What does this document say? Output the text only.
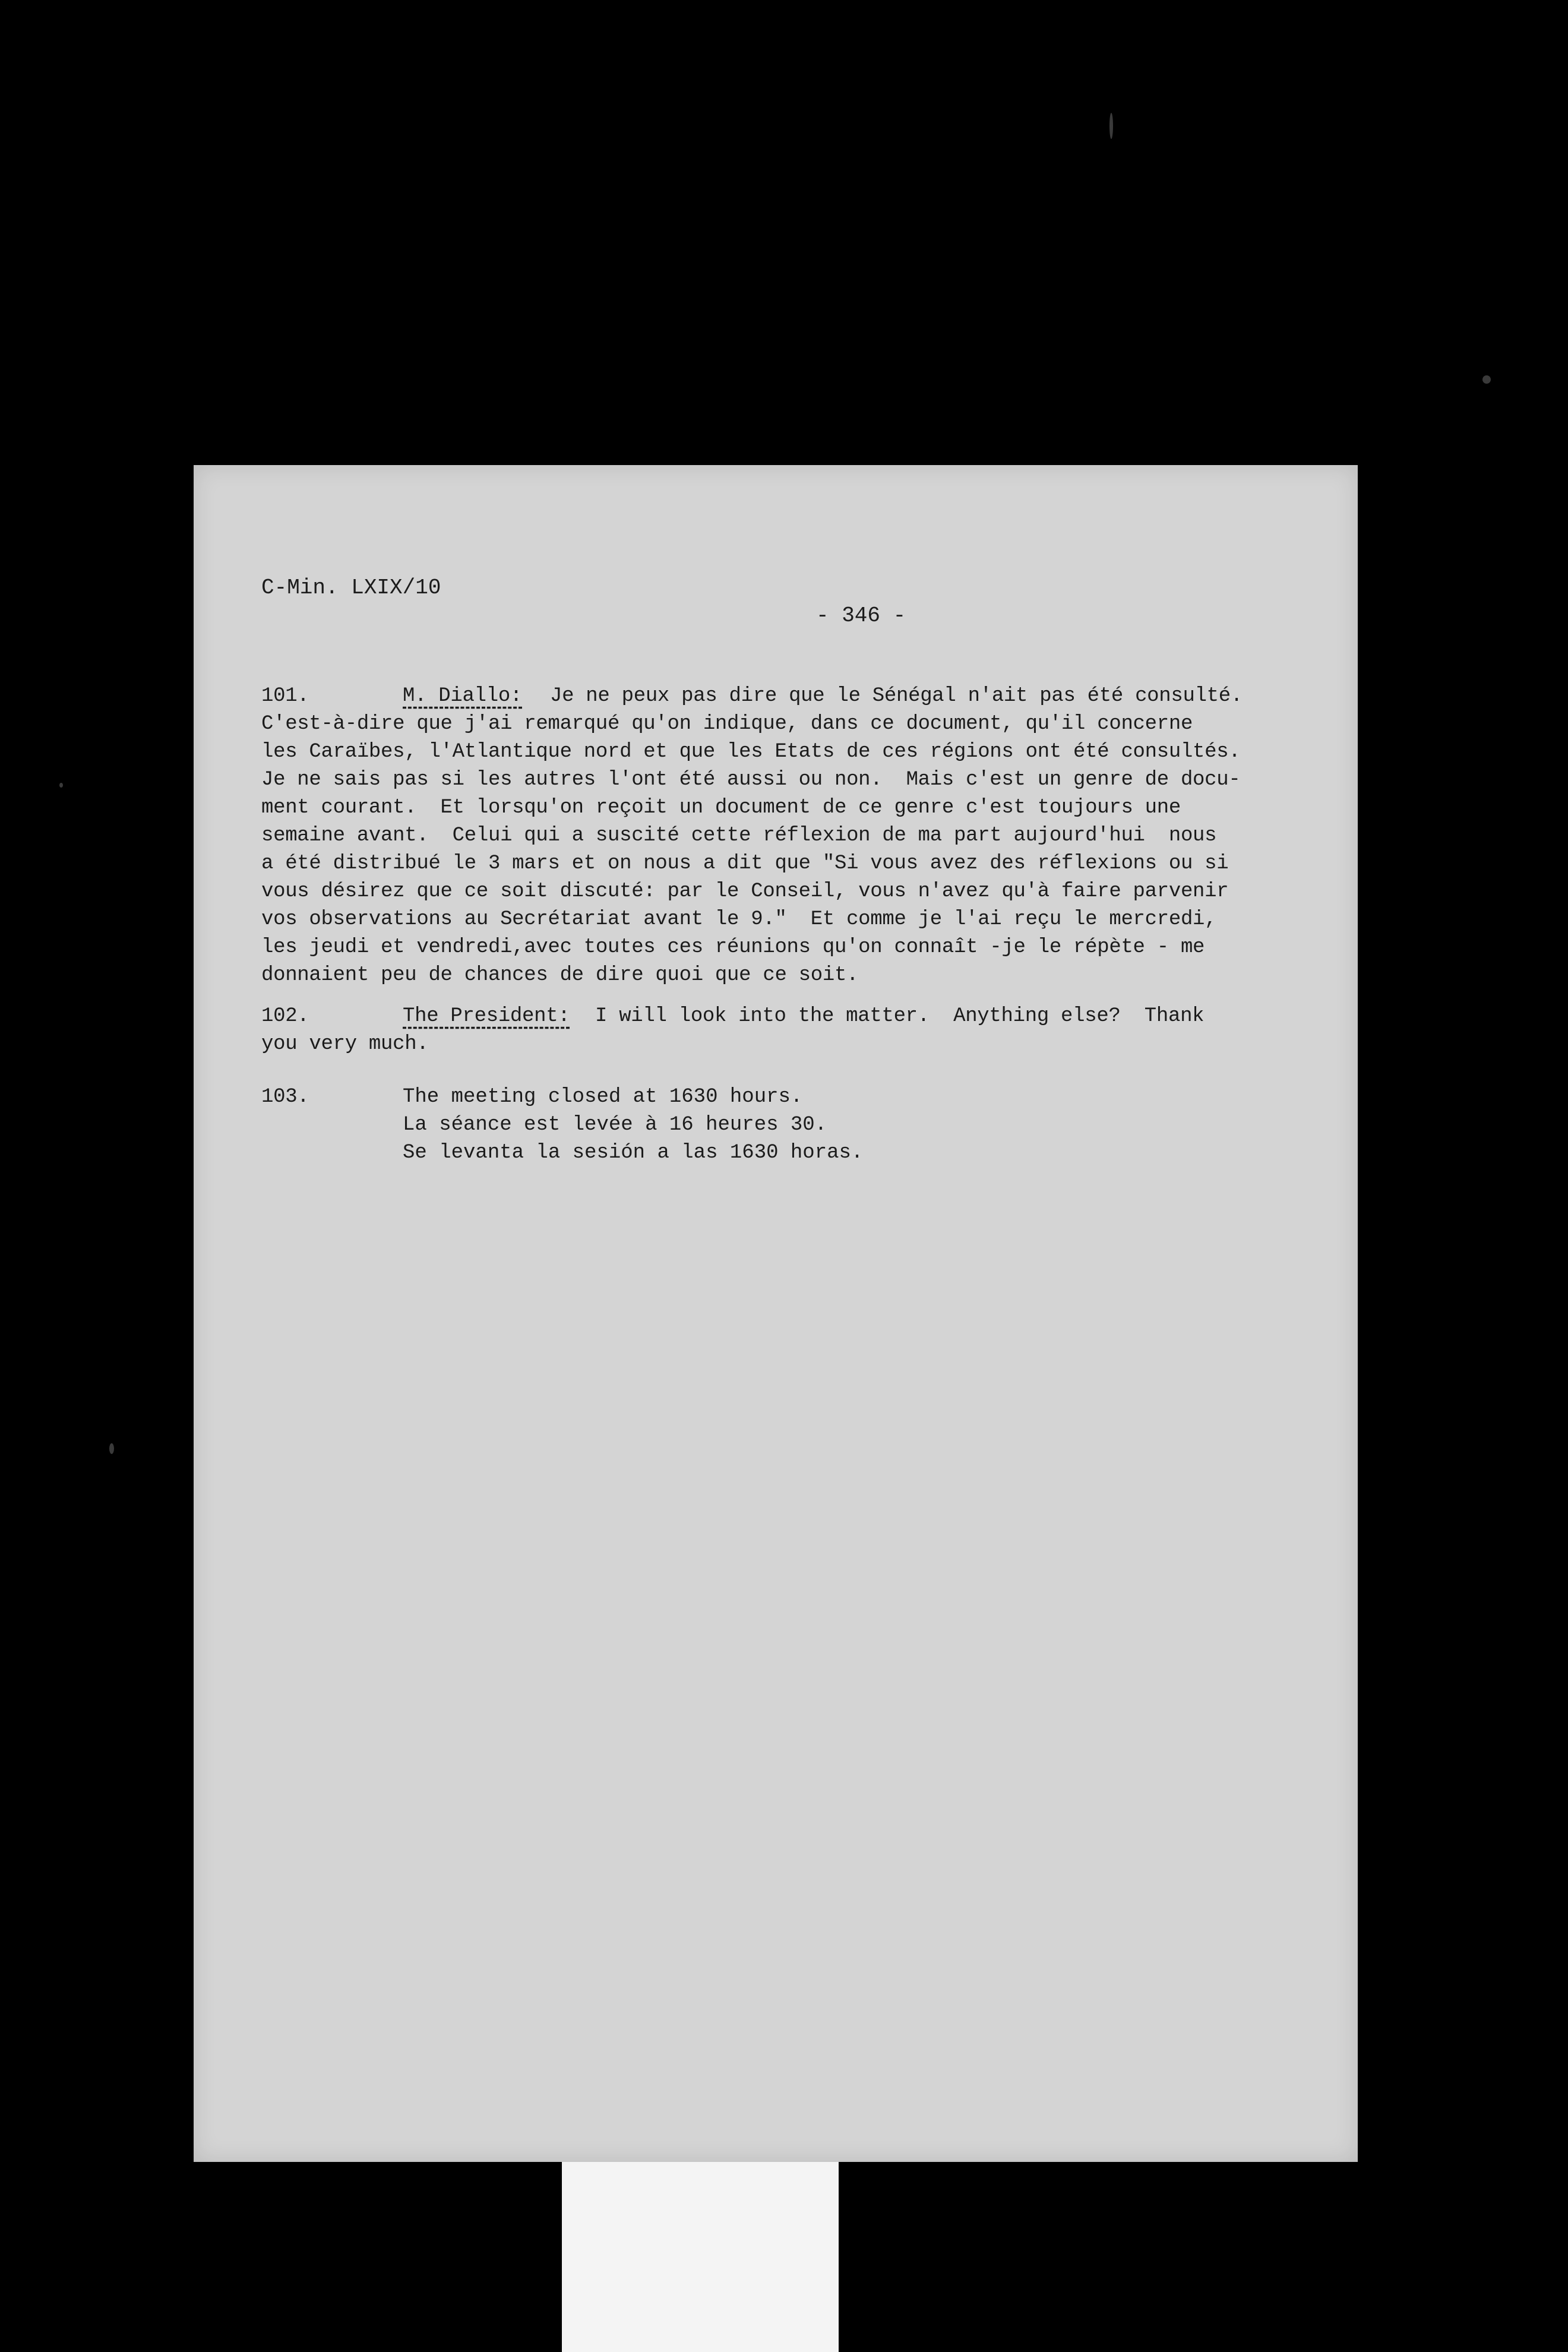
C-Min. LXIX/10
- 346 -
101.	M. Diallo: Je ne peux pas dire que le Sénégal n'ait pas été consulté.
C'est-à-dire que j'ai remarqué qu'on indique, dans ce document, qu'il concerne
les Caraïbes, l'Atlantique nord et que les Etats de ces régions ont été consultés.
Je ne sais pas si les autres l'ont été aussi ou non.  Mais c'est un genre de docu-
ment courant.  Et lorsqu'on reçoit un document de ce genre c'est toujours une
semaine avant.  Celui qui a suscité cette réflexion de ma part aujourd'hui  nous
a été distribué le 3 mars et on nous a dit que "Si vous avez des réflexions ou si
vous désirez que ce soit discuté: par le Conseil, vous n'avez qu'à faire parvenir
vos observations au Secrétariat avant le 9."  Et comme je l'ai reçu le mercredi,
les jeudi et vendredi,avec toutes ces réunions qu'on connaît -je le répète - me
donnaient peu de chances de dire quoi que ce soit.
102.	The President: I will look into the matter.  Anything else?  Thank
you very much.
103.	The meeting closed at 1630 hours.
La séance est levée à 16 heures 30.
Se levanta la sesión a las 1630 horas.
